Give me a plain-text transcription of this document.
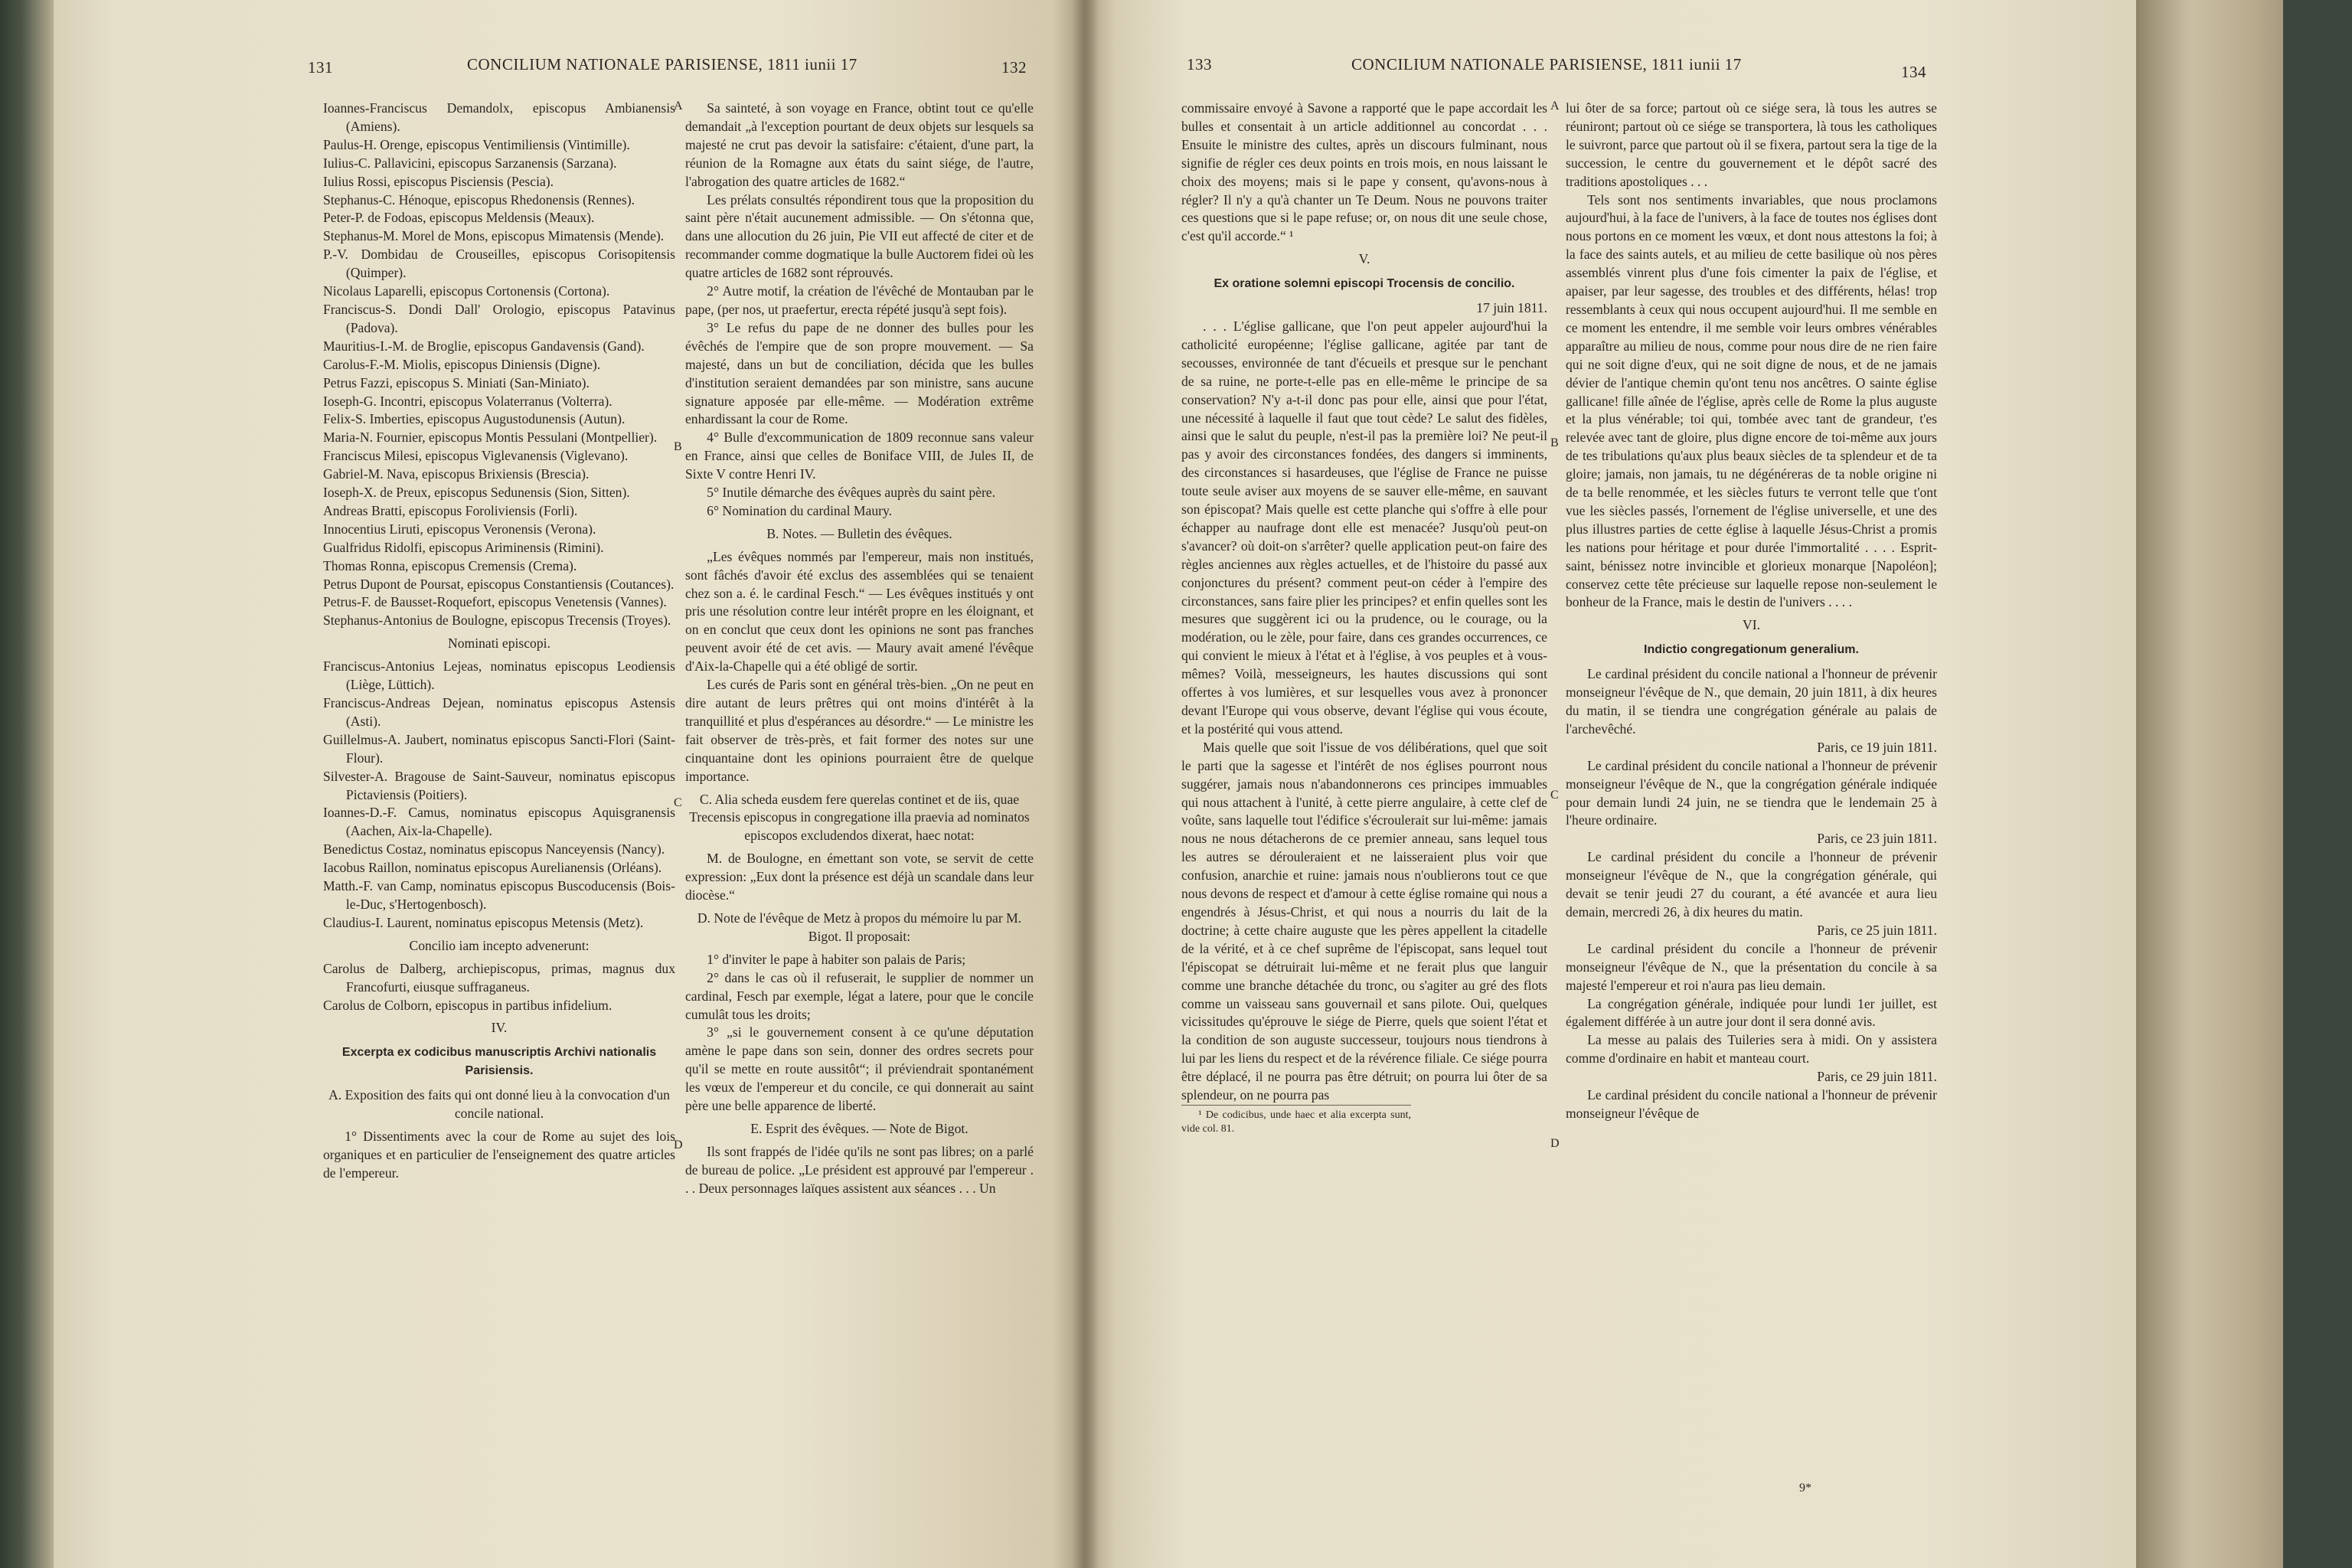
131	CONCILIUM NATIONALE PARISIENSE, 1811 iunii 17	132

Ioannes-Franciscus Demandolx, episcopus Ambianensis (Amiens).

Paulus-H. Orenge, episcopus Ventimiliensis (Vintimille).

Iulius-C. Pallavicini, episcopus Sarzanensis (Sarzana).

Iulius Rossi, episcopus Pisciensis (Pescia).

Stephanus-C. Hénoque, episcopus Rhedonensis (Rennes).

Peter-P. de Fodoas, episcopus Meldensis (Meaux).

Stephanus-M. Morel de Mons, episcopus Mimatensis (Mende).

P.-V. Dombidau de Crouseilles, episcopus Corisopitensis (Quimper).

Nicolaus Laparelli, episcopus Cortonensis (Cortona).

Franciscus-S. Dondi Dall' Orologio, episcopus Patavinus (Padova).

Mauritius-I.-M. de Broglie, episcopus Gandavensis (Gand).

Carolus-F.-M. Miolis, episcopus Diniensis (Digne).

Petrus Fazzi, episcopus S. Miniati (San-Miniato).

Ioseph-G. Incontri, episcopus Volaterranus (Volterra).

Felix-S. Imberties, episcopus Augustodunensis (Autun).

Maria-N. Fournier, episcopus Montis Pessulani (Montpellier).

Franciscus Milesi, episcopus Viglevanensis (Viglevano).

Gabriel-M. Nava, episcopus Brixiensis (Brescia).

Ioseph-X. de Preux, episcopus Sedunensis (Sion, Sitten).

Andreas Bratti, episcopus Foroliviensis (Forli).

Innocentius Liruti, episcopus Veronensis (Verona).

Gualfridus Ridolfi, episcopus Ariminensis (Rimini).

Thomas Ronna, episcopus Cremensis (Crema).

Petrus Dupont de Poursat, episcopus Constantiensis (Coutances).

Petrus-F. de Bausset-Roquefort, episcopus Venetensis (Vannes).

Stephanus-Antonius de Boulogne, episcopus Trecensis (Troyes).

Nominati episcopi.

Franciscus-Antonius Lejeas, nominatus episcopus Leodiensis (Liège, Lüttich).

Franciscus-Andreas Dejean, nominatus episcopus Astensis (Asti).

Guillelmus-A. Jaubert, nominatus episcopus Sancti-Flori (Saint-Flour).

Silvester-A. Bragouse de Saint-Sauveur, nominatus episcopus Pictaviensis (Poitiers).

Ioannes-D.-F. Camus, nominatus episcopus Aquisgranensis (Aachen, Aix-la-Chapelle).

Benedictus Costaz, nominatus episcopus Nanceyensis (Nancy).

Iacobus Raillon, nominatus episcopus Aurelianensis (Orléans).

Matth.-F. van Camp, nominatus episcopus Buscoducensis (Bois-le-Duc, s'Hertogenbosch).

Claudius-I. Laurent, nominatus episcopus Metensis (Metz).

Concilio iam incepto advenerunt:

Carolus de Dalberg, archiepiscopus, primas, magnus dux Francofurti, eiusque suffraganeus.

Carolus de Colborn, episcopus in partibus infidelium.

IV.

Excerpta ex codicibus manuscriptis Archivi nationalis Parisiensis.

A. Exposition des faits qui ont donné lieu à la convocation d'un concile national.

1° Dissentiments avec la cour de Rome au sujet des lois organiques et en particulier de l'enseignement des quatre articles de l'empereur.

Sa sainteté, à son voyage en France, obtint tout ce qu'elle demandait „à l'exception pourtant de deux objets sur lesquels sa majesté ne crut pas devoir la satisfaire: c'étaient, d'une part, la réunion de la Romagne aux états du saint siége, de l'autre, l'abrogation des quatre articles de 1682.“

Les prélats consultés répondirent tous que la proposition du saint père n'était aucunement admissible. — On s'étonna que, dans une allocution du 26 juin, Pie VII eut affecté de citer et de recommander comme dogmatique la bulle Auctorem fidei où les quatre articles de 1682 sont réprouvés.

2° Autre motif, la création de l'évêché de Montauban par le pape, (per nos, ut praefertur, erecta répété jusqu'à sept fois).

3° Le refus du pape de ne donner des bulles pour les évêchés de l'empire que de son propre mouvement. — Sa majesté, dans un but de conciliation, décida que les bulles d'institution seraient demandées par son ministre, sans aucune signature apposée par elle-même. — Modération extrême enhardissant la cour de Rome.

4° Bulle d'excommunication de 1809 reconnue sans valeur en France, ainsi que celles de Boniface VIII, de Jules II, de Sixte V contre Henri IV.

5° Inutile démarche des évêques auprès du saint père.

6° Nomination du cardinal Maury.

B. Notes. — Bulletin des évêques.

„Les évêques nommés par l'empereur, mais non institués, sont fâchés d'avoir été exclus des assemblées qui se tenaient chez son a. é. le cardinal Fesch.“ — Les évêques institués y ont pris une résolution contre leur intérêt propre en les éloignant, et on en conclut que ceux dont les opinions ne sont pas franches peuvent avoir été de cet avis. — Maury avait amené l'évêque d'Aix-la-Chapelle qui a été obligé de sortir.

Les curés de Paris sont en général très-bien. „On ne peut en dire autant de leurs prêtres qui ont moins d'intérêt à la tranquillité et plus d'espérances au désordre.“ — Le ministre les fait observer de très-près, et fait former des notes sur une cinquantaine dont les opinions pourraient être de quelque importance.

C. Alia scheda eusdem fere querelas continet et de iis, quae Trecensis episcopus in congregatione illa praevia ad nominatos episcopos excludendos dixerat, haec notat:

M. de Boulogne, en émettant son vote, se servit de cette expression: „Eux dont la présence est déjà un scandale dans leur diocèse.“

D. Note de l'évêque de Metz à propos du mémoire lu par M. Bigot. Il proposait:

1° d'inviter le pape à habiter son palais de Paris;

2° dans le cas où il refuserait, le supplier de nommer un cardinal, Fesch par exemple, légat a latere, pour que le concile cumulât tous les droits;

3° „si le gouvernement consent à ce qu'une députation amène le pape dans son sein, donner des ordres secrets pour qu'il se mette en route aussitôt“; il préviendrait spontanément les vœux de l'empereur et du concile, ce qui donnerait au saint père une belle apparence de liberté.

E. Esprit des évêques. — Note de Bigot.

Ils sont frappés de l'idée qu'ils ne sont pas libres; on a parlé de bureau de police. „Le président est approuvé par l'empereur . . . Deux personnages laïques assistent aux séances . . . Un

A
B
C
D
133	CONCILIUM NATIONALE PARISIENSE, 1811 iunii 17	134

commissaire envoyé à Savone a rapporté que le pape accordait les bulles et consentait à un article additionnel au concordat . . . Ensuite le ministre des cultes, après un discours fulminant, nous signifie de régler ces deux points en trois mois, en nous laissant le choix des moyens; mais si le pape y consent, qu'avons-nous à régler? Il n'y a qu'à chanter un Te Deum. Nous ne pouvons traiter ces questions que si le pape refuse; or, on nous dit une seule chose, c'est qu'il accorde.“ ¹

V.

Ex oratione solemni episcopi Trocensis de concilio.

17 juin 1811.

. . . L'église gallicane, que l'on peut appeler aujourd'hui la catholicité européenne; l'église gallicane, agitée par tant de secousses, environnée de tant d'écueils et presque sur le penchant de sa ruine, ne porte-t-elle pas en elle-même le principe de sa conservation? N'y a-t-il donc pas pour elle, ainsi que pour l'état, une nécessité à laquelle il faut que tout cède? Le salut des fidèles, ainsi que le salut du peuple, n'est-il pas la première loi? Ne peut-il pas y avoir des circonstances fondées, des dangers si imminents, des circonstances si hasardeuses, que l'église de France ne puisse toute seule aviser aux moyens de se sauver elle-même, en sauvant son épiscopat? Mais quelle est cette planche qui s'offre à elle pour échapper au naufrage dont elle est menacée? Jusqu'où peut-on s'avancer? où doit-on s'arrêter? quelle application peut-on faire des règles anciennes aux règles actuelles, et de l'histoire du passé aux conjonctures du présent? comment peut-on céder à l'empire des circonstances, sans faire plier les principes? et enfin quelles sont les mesures que suggèrent ici ou la prudence, ou le courage, ou la modération, ou le zèle, pour faire, dans ces grandes occurrences, ce qui convient le mieux à l'état et à l'église, à vos peuples et à vous-mêmes? Voilà, messeigneurs, les hautes discussions qui sont offertes à vos lumières, et sur lesquelles vous avez à prononcer devant l'Europe qui vous observe, devant l'église qui vous écoute, et la postérité qui vous attend.

Mais quelle que soit l'issue de vos délibérations, quel que soit le parti que la sagesse et l'intérêt de nos églises pourront nous suggérer, jamais nous n'abandonnerons ces principes immuables qui nous attachent à l'unité, à cette pierre angulaire, à cette clef de voûte, sans laquelle tout l'édifice s'écroulerait sur lui-même: jamais nous ne nous détacherons de ce premier anneau, sans lequel tous les autres se dérouleraient et ne laisseraient plus voir que confusion, anarchie et ruine: jamais nous n'oublierons tout ce que nous devons de respect et d'amour à cette église romaine qui nous a engendrés à Jésus-Christ, et qui nous a nourris du lait de la doctrine; à cette chaire auguste que les pères appellent la citadelle de la vérité, et à ce chef suprême de l'épiscopat, sans lequel tout l'épiscopat se détruirait lui-même et ne ferait plus que languir comme une branche détachée du tronc, ou s'agiter au gré des flots comme un vaisseau sans gouvernail et sans pilote. Oui, quelques vicissitudes qu'éprouve le siége de Pierre, quels que soient l'état et la condition de son auguste successeur, toujours nous tiendrons à lui par les liens du respect et de la révérence filiale. Ce siége pourra être déplacé, il ne pourra pas être détruit; on pourra lui ôter de sa splendeur, on ne pourra pas

¹ De codicibus, unde haec et alia excerpta sunt, vide col. 81.

lui ôter de sa force; partout où ce siége sera, là tous les autres se réuniront; partout où ce siége se transportera, là tous les catholiques le suivront, parce que partout où il se fixera, partout sera la tige de la succession, le centre du gouvernement et le dépôt sacré des traditions apostoliques . . .

Tels sont nos sentiments invariables, que nous proclamons aujourd'hui, à la face de l'univers, à la face de toutes nos églises dont nous portons en ce moment les vœux, et dont nous attestons la foi; à la face des saints autels, et au milieu de cette basilique où nos pères assemblés vinrent plus d'une fois cimenter la paix de l'église, et apaiser, par leur sagesse, des troubles et des différents, hélas! trop ressemblants à ceux qui nous occupent aujourd'hui. Il me semble en ce moment les entendre, il me semble voir leurs ombres vénérables apparaître au milieu de nous, comme pour nous dire de ne rien faire qui ne soit digne d'eux, qui ne soit digne de nous, et de ne jamais dévier de l'antique chemin qu'ont tenu nos ancêtres. O sainte église gallicane! fille aînée de l'église, après celle de Rome la plus auguste et la plus vénérable; toi qui, tombée avec tant de grandeur, t'es relevée avec tant de gloire, plus digne encore de toi-même aux jours de tes tribulations qu'aux plus beaux siècles de ta splendeur et de ta gloire; jamais, non jamais, tu ne dégénéreras de ta noble origine ni de ta belle renommée, et les siècles futurs te verront telle que t'ont vue les siècles passés, l'ornement de l'église universelle, et une des plus illustres parties de cette église à laquelle Jésus-Christ a promis les nations pour héritage et pour durée l'immortalité . . . . Esprit-saint, bénissez notre invincible et glorieux monarque [Napoléon]; conservez cette tête précieuse sur laquelle repose non-seulement le bonheur de la France, mais le destin de l'univers . . . .

VI.

Indictio congregationum generalium.

Le cardinal président du concile national a l'honneur de prévenir monseigneur l'évêque de N., que demain, 20 juin 1811, à dix heures du matin, il se tiendra une congrégation générale au palais de l'archevêché.

Paris, ce 19 juin 1811.

Le cardinal président du concile national a l'honneur de prévenir monseigneur l'évêque de N., que la congrégation générale indiquée pour demain lundi 24 juin, ne se tiendra que le lendemain 25 à l'heure ordinaire.

Paris, ce 23 juin 1811.

Le cardinal président du concile a l'honneur de prévenir monseigneur l'évêque de N., que la congrégation générale, qui devait se tenir jeudi 27 du courant, a été avancée et aura lieu demain, mercredi 26, à dix heures du matin.

Paris, ce 25 juin 1811.

Le cardinal président du concile a l'honneur de prévenir monseigneur l'évêque de N., que la présentation du concile à sa majesté l'empereur et roi n'aura pas lieu demain.

La congrégation générale, indiquée pour lundi 1er juillet, est également différée à un autre jour dont il sera donné avis.

La messe au palais des Tuileries sera à midi. On y assistera comme d'ordinaire en habit et manteau court.

Paris, ce 29 juin 1811.

Le cardinal président du concile national a l'honneur de prévenir monseigneur l'évêque de

A
B
C
D
9*
